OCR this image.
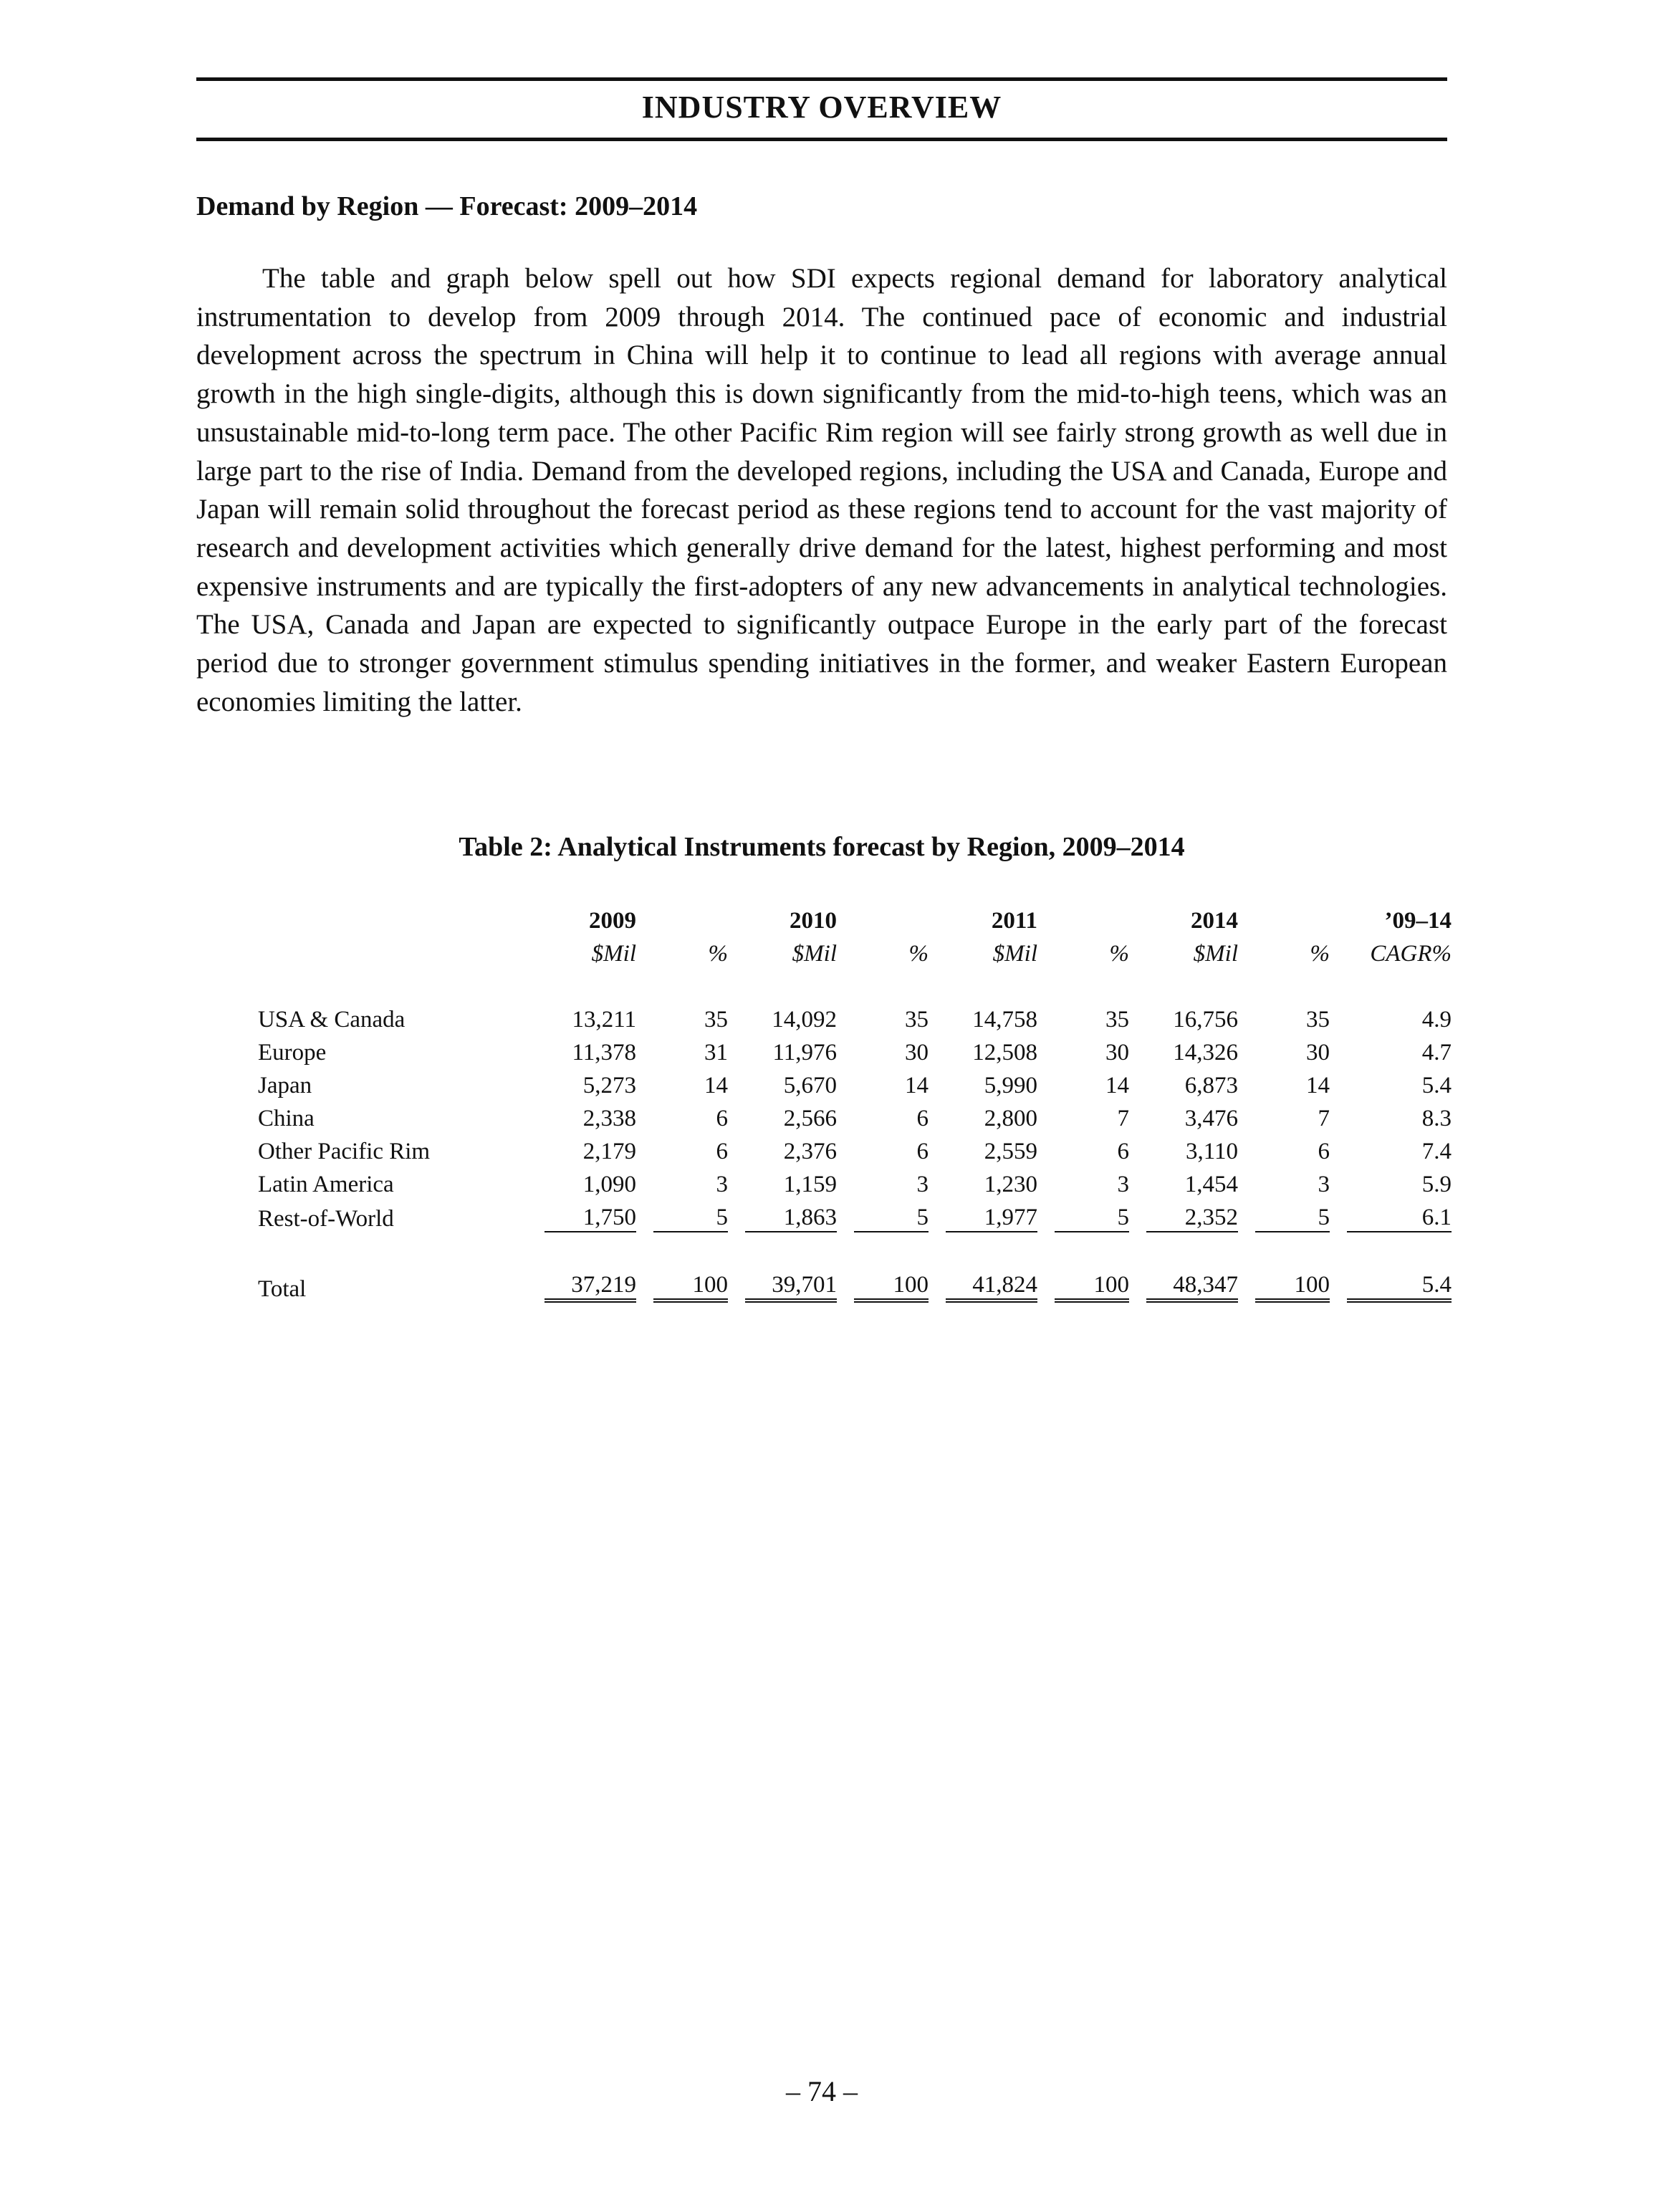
INDUSTRY OVERVIEW
Demand by Region — Forecast: 2009–2014
The table and graph below spell out how SDI expects regional demand for laboratory analytical instrumentation to develop from 2009 through 2014. The continued pace of economic and industrial development across the spectrum in China will help it to continue to lead all regions with average annual growth in the high single-digits, although this is down significantly from the mid-to-high teens, which was an unsustainable mid-to-long term pace. The other Pacific Rim region will see fairly strong growth as well due in large part to the rise of India. Demand from the developed regions, including the USA and Canada, Europe and Japan will remain solid throughout the forecast period as these regions tend to account for the vast majority of research and development activities which generally drive demand for the latest, highest performing and most expensive instruments and are typically the first-adopters of any new advancements in analytical technologies. The USA, Canada and Japan are expected to significantly outpace Europe in the early part of the forecast period due to stronger government stimulus spending initiatives in the former, and weaker Eastern European economies limiting the latter.
Table 2: Analytical Instruments forecast by Region, 2009–2014
	2009				2010				2011				2014				’09–14
	$Mil		%		$Mil		%		$Mil		%		$Mil		%		CAGR%

USA & Canada	13,211		35		14,092		35		14,758		35		16,756		35		4.9
Europe	11,378		31		11,976		30		12,508		30		14,326		30		4.7
Japan	5,273		14		5,670		14		5,990		14		6,873		14		5.4
China	2,338		6		2,566		6		2,800		7		3,476		7		8.3
Other Pacific Rim	2,179		6		2,376		6		2,559		6		3,110		6		7.4
Latin America	1,090		3		1,159		3		1,230		3		1,454		3		5.9
Rest-of-World	1,750		5		1,863		5		1,977		5		2,352		5		6.1

Total	37,219		100		39,701		100		41,824		100		48,347		100		5.4
– 74 –
